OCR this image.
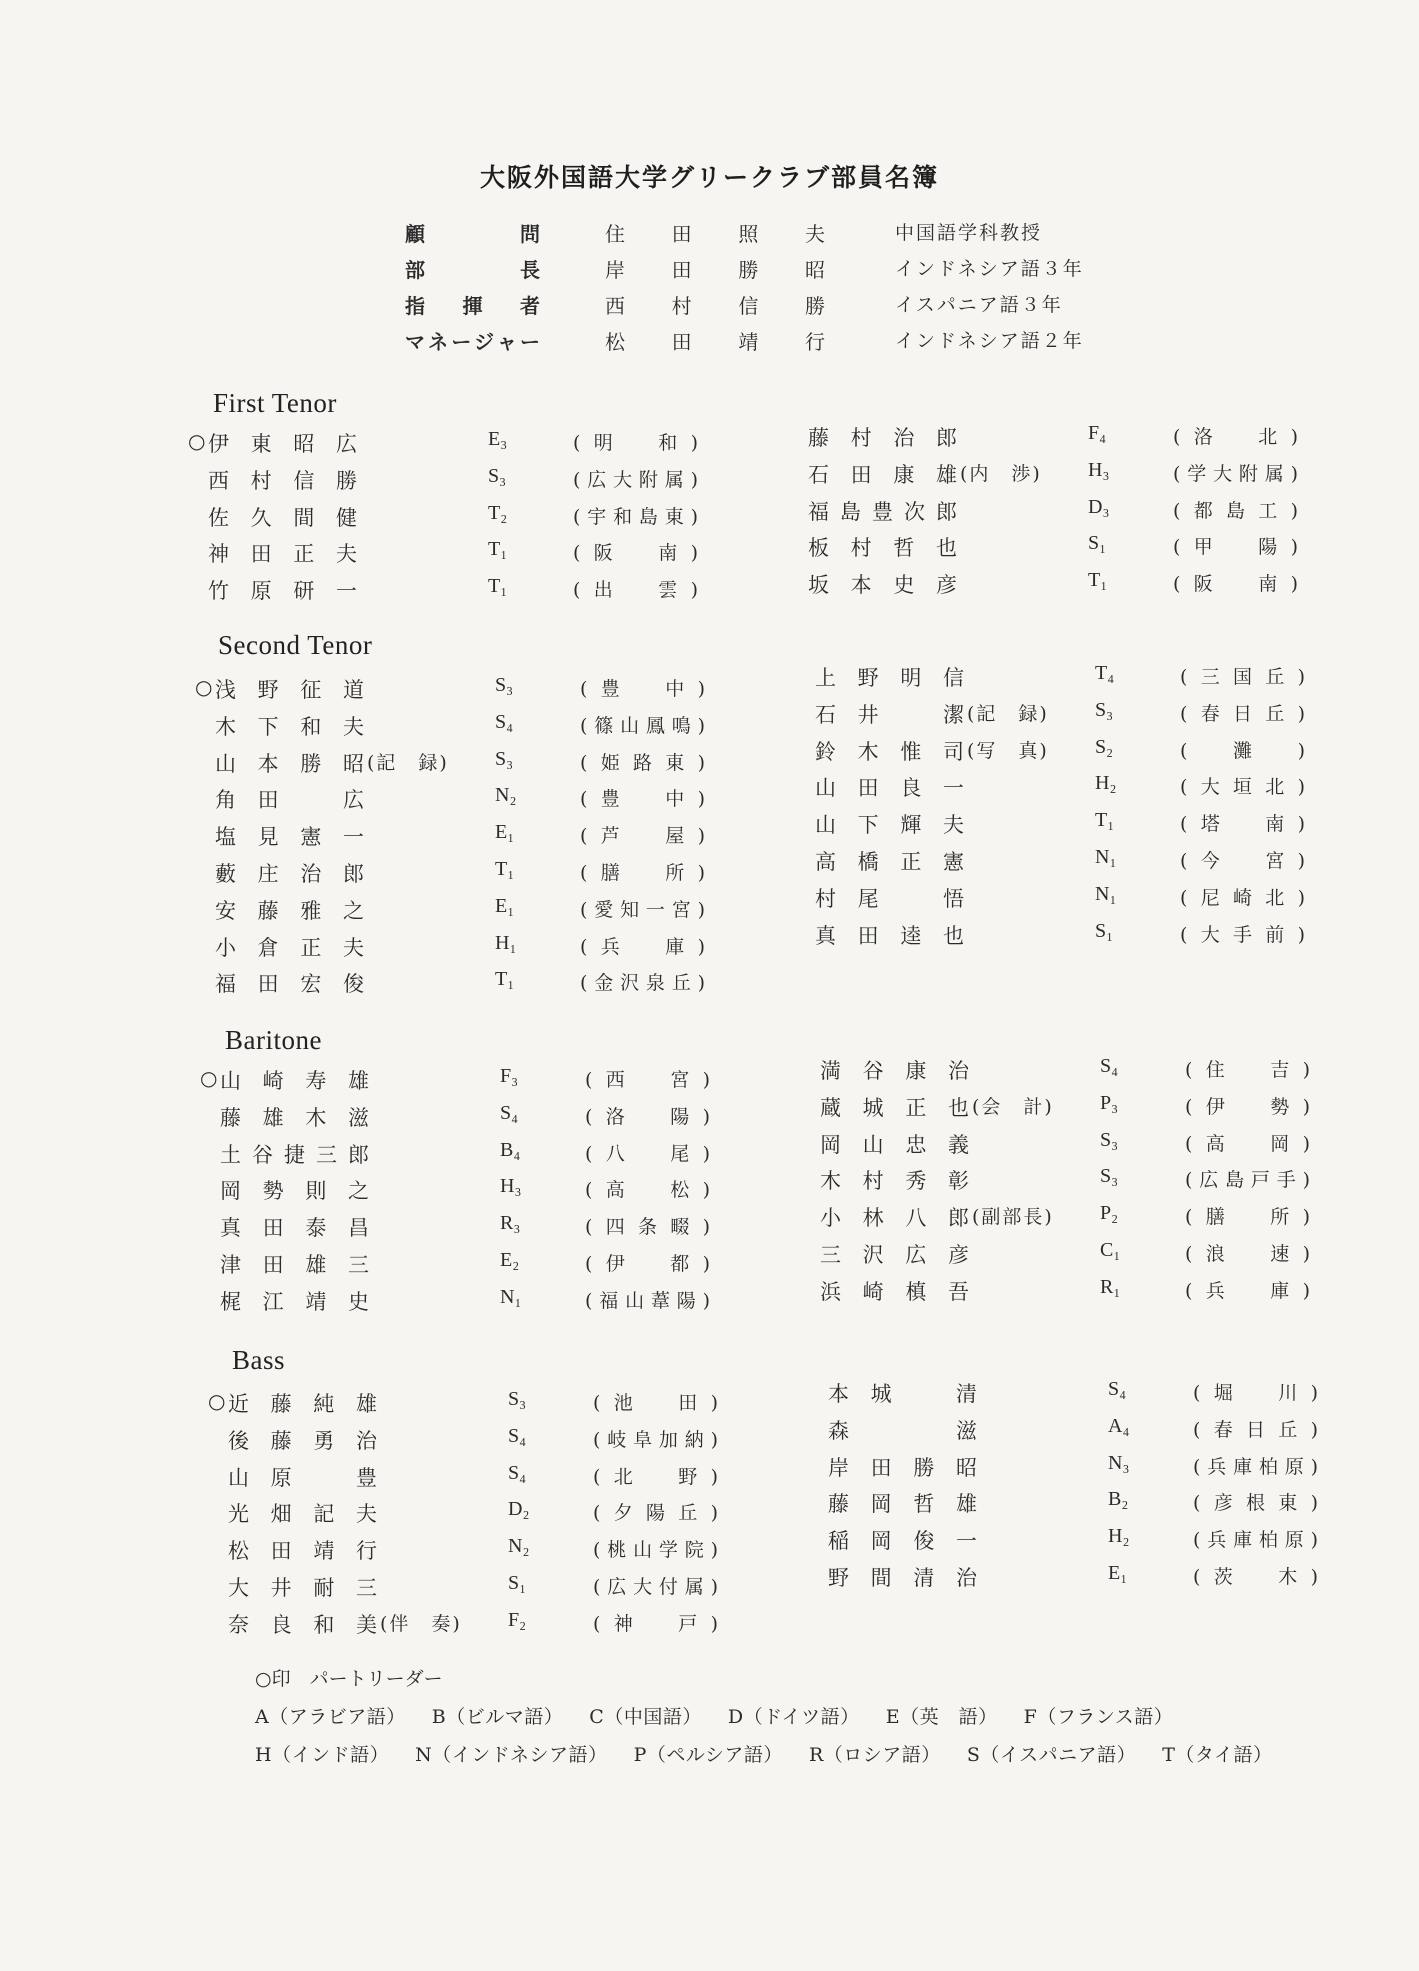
大阪外国語大学グリークラブ部員名簿
顧問	住田照夫	中国語学科教授
部長	岸田勝昭	インドネシア語３年
指揮者	西村信勝	イスパニア語３年
マネージャー	松田靖行	インドネシア語２年
First Tenor
○ 伊東昭広	E₃	(明　和)
西村信勝	S₃	(広大附属)
佐久間健	T₂	(宇和島東)
神田正夫	T₁	(阪　南)
竹原研一	T₁	(出　雲)
藤村治郎	F₄	(洛　北)
石田康雄 (内　渉) H₃	(学大附属)
福島豊次郎	D₃	(都島工)
板村哲也	S₁	(甲　陽)
坂本史彦	T₁	(阪　南)
Second Tenor
○ 浅野征道	S₃	(豊　中)
木下和夫	S₄	(篠山鳳鳴)
山本勝昭 (記　録) S₃	(姫路東)
角田　広	N₂	(豊　中)
塩見憲一	E₁	(芦　屋)
藪庄治郎	T₁	(膳　所)
安藤雅之	E₁	(愛知一宮)
小倉正夫	H₁	(兵　庫)
福田宏俊	T₁	(金沢泉丘)
上野明信	T₄	(三国丘)
石井　潔 (記　録) S₃	(春日丘)
鈴木惟司 (写　真) S₂	(　灘　)
山田良一	H₂	(大垣北)
山下輝夫	T₁	(塔　南)
高橋正憲	N₁	(今　宮)
村尾　悟	N₁	(尼崎北)
真田逵也	S₁	(大手前)
Baritone
○ 山崎寿雄	F₃	(西　宮)
藤雄木滋	S₄	(洛　陽)
土谷捷三郎	B₄	(八　尾)
岡勢則之	H₃	(高　松)
真田泰昌	R₃	(四条畷)
津田雄三	E₂	(伊　都)
梶江靖史	N₁	(福山葦陽)
満谷康治	S₄	(住　吉)
蔵城正也 (会　計) P₃	(伊　勢)
岡山忠義	S₃	(高　岡)
木村秀彰	S₃	(広島戸手)
小林八郎 (副部長) P₂	(膳　所)
三沢広彦	C₁	(浪　速)
浜崎槙吾	R₁	(兵　庫)
Bass
○ 近藤純雄	S₃	(池　田)
後藤勇治	S₄	(岐阜加納)
山原　豊	S₄	(北　野)
光畑記夫	D₂	(夕陽丘)
松田靖行	N₂	(桃山学院)
大井耐三	S₁	(広大付属)
奈良和美 (伴　奏) F₂	(神　戸)
本城　清	S₄	(堀　川)
森　　滋	A₄	(春日丘)
岸田勝昭	N₃	(兵庫柏原)
藤岡哲雄	B₂	(彦根東)
稲岡俊一	H₂	(兵庫柏原)
野間清治	E₁	(茨　木)
○印　パートリーダー
A（アラビア語） B（ビルマ語） C（中国語） D（ドイツ語） E（英　語） F（フランス語）
H（インド語） N（インドネシア語） P（ペルシア語） R（ロシア語） S（イスパニア語） T（タイ語）
